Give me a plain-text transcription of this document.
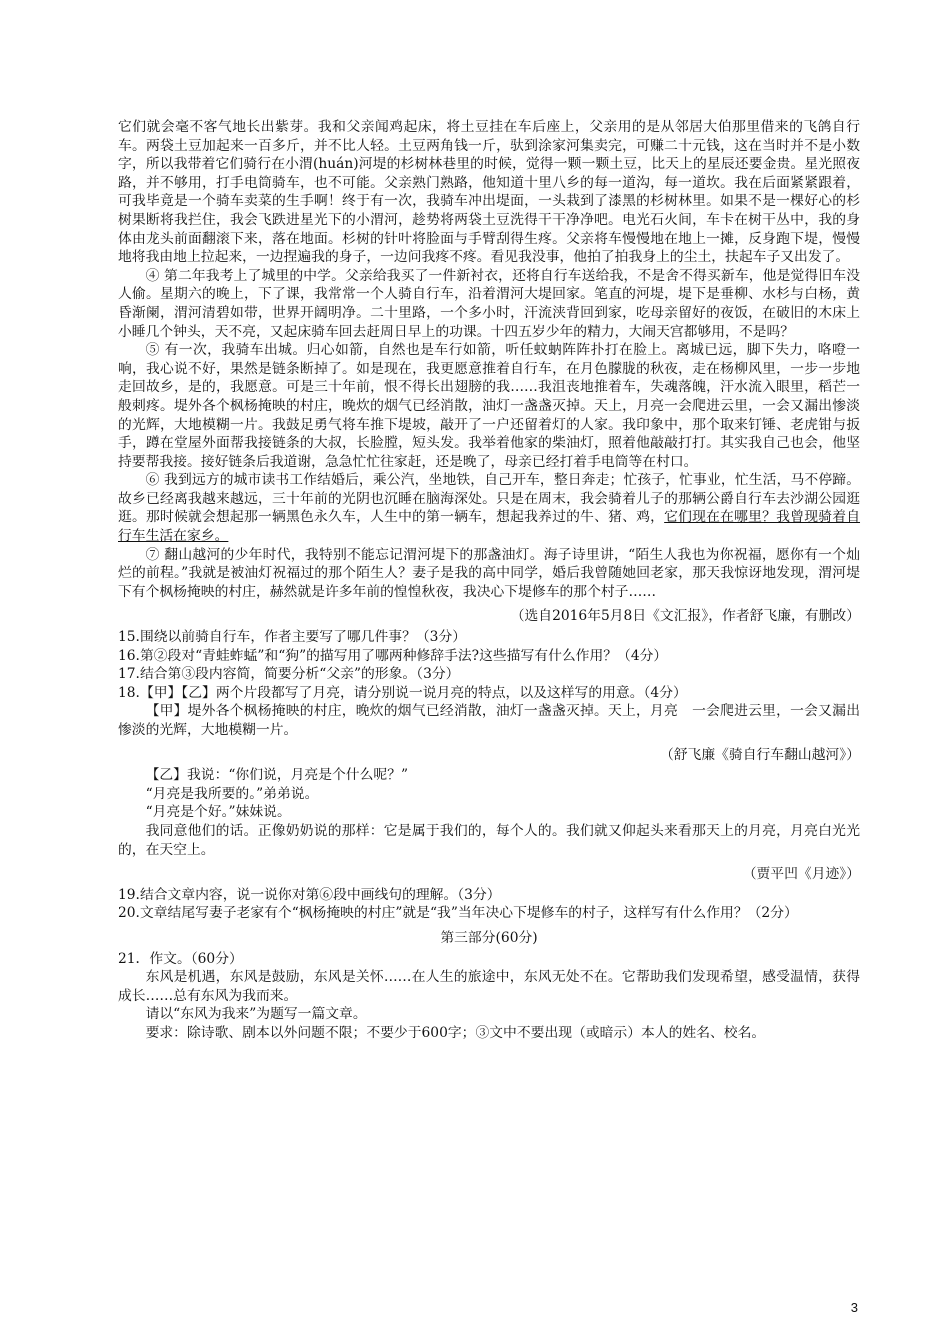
它们就会毫不客气地长出紫芽。我和父亲闻鸡起床，将土豆挂在车后座上，父亲用的是从邻居大伯那里借来的飞鸽自行车。两袋土豆加起来一百多斤，并不比人轻。土豆两角钱一斤，驮到涂家河集卖完，可赚二十元钱，这在当时并不是小数字，所以我带着它们骑行在小渭(huán)河堤的杉树林巷里的时候，觉得一颗一颗土豆，比天上的星辰还要金贵。星光照夜路，并不够用，打手电筒骑车，也不可能。父亲熟门熟路，他知道十里八乡的每一道沟，每一道坎。我在后面紧紧跟着，可我毕竟是一个骑车卖菜的生手啊！终于有一次，我骑车冲出堤面，一头栽到了漆黑的杉树林里。如果不是一棵好心的杉树果断将我拦住，我会飞跌进星光下的小渭河，趁势将两袋土豆洗得干干净净吧。电光石火间，车卡在树干丛中，我的身体由龙头前面翻滚下来，落在地面。杉树的针叶将脸面与手臂刮得生疼。父亲将车慢慢地在地上一摊，反身跑下堤，慢慢地将我由地上拉起来，一边捏遍我的身子，一边问我疼不疼。看见我没事，他拍了拍我身上的尘土，扶起车子又出发了。

④ 第二年我考上了城里的中学。父亲给我买了一件新衬衣，还将自行车送给我，不是舍不得买新车，他是觉得旧车没人偷。星期六的晚上，下了课，我常常一个人骑自行车，沿着渭河大堤回家。笔直的河堤，堤下是垂柳、水杉与白杨，黄昏渐阑，渭河清碧如带，世界开阔明净。二十里路，一个多小时，汗流浃背回到家，吃母亲留好的夜饭，在破旧的木床上小睡几个钟头，天不亮，又起床骑车回去赶周日早上的功课。十四五岁少年的精力，大闹天宫都够用，不是吗？

⑤ 有一次，我骑车出城。归心如箭，自然也是车行如箭，听任蚊蚋阵阵扑打在脸上。离城已远，脚下失力，咯噔一响，我心说不好，果然是链条断掉了。如是现在，我更愿意推着自行车，在月色朦胧的秋夜，走在杨柳风里，一步一步地走回故乡，是的，我愿意。可是三十年前，恨不得长出翅膀的我……我沮丧地推着车，失魂落魄，汗水流入眼里，稻芒一般刺疼。堤外各个枫杨掩映的村庄，晚炊的烟气已经消散，油灯一盏盏灭掉。天上，月亮一会爬进云里，一会又漏出惨淡的光辉，大地模糊一片。我鼓足勇气将车推下堤坡，敲开了一户还留着灯的人家。我印象中，那个取来钉锤、老虎钳与扳手，蹲在堂屋外面帮我接链条的大叔，长脸膛，短头发。我举着他家的柴油灯，照着他敲敲打打。其实我自己也会，他坚持要帮我接。接好链条后我道谢，急急忙忙往家赶，还是晚了，母亲已经打着手电筒等在村口。

⑥ 我到远方的城市读书工作结婚后，乘公汽，坐地铁，自己开车，整日奔走；忙孩子，忙事业，忙生活，马不停蹄。故乡已经离我越来越远，三十年前的光阴也沉睡在脑海深处。只是在周末，我会骑着儿子的那辆公爵自行车去沙湖公园逛逛。那时候就会想起那一辆黑色永久车，人生中的第一辆车，想起我养过的牛、猪、鸡，它们现在在哪里？我曾现骑着自行车生活在家乡。

⑦ 翻山越河的少年时代，我特别不能忘记渭河堤下的那盏油灯。海子诗里讲，“陌生人我也为你祝福，愿你有一个灿烂的前程。”我就是被油灯祝福过的那个陌生人？妻子是我的高中同学，婚后我曾随她回老家，那天我惊讶地发现，渭河堤下有个枫杨掩映的村庄，赫然就是许多年前的惶惶秋夜，我决心下堤修车的那个村子……

（选自2016年5月8日《文汇报》，作者舒飞廉，有删改）

15.围绕以前骑自行车，作者主要写了哪几件事？（3分）

16.第②段对“青蛙蚱蜢”和“狗”的描写用了哪两种修辞手法?这些描写有什么作用？（4分）

17.结合第③段内容简，简要分析“父亲”的形象。（3分）

18.【甲】【乙】两个片段都写了月亮，请分别说一说月亮的特点，以及这样写的用意。（4分）

【甲】堤外各个枫杨掩映的村庄，晚炊的烟气已经消散，油灯一盏盏灭掉。天上，月亮　一会爬进云里，一会又漏出惨淡的光辉，大地模糊一片。

（舒飞廉《骑自行车翻山越河》）

【乙】我说：“你们说，月亮是个什么呢？”

“月亮是我所要的。”弟弟说。

“月亮是个好。”妹妹说。

我同意他们的话。正像奶奶说的那样：它是属于我们的，每个人的。我们就又仰起头来看那天上的月亮，月亮白光光的，在天空上。

（贾平凹《月迹》）

19.结合文章内容，说一说你对第⑥段中画线句的理解。（3分）

20.文章结尾写妻子老家有个“枫杨掩映的村庄”就是“我”当年决心下堤修车的村子，这样写有什么作用？（2分）

第三部分(60分)

21．作文。（60分）

东风是机遇，东风是鼓励，东风是关怀……在人生的旅途中，东风无处不在。它帮助我们发现希望，感受温情，获得成长……总有东风为我而来。

请以“东风为我来”为题写一篇文章。

要求：除诗歌、剧本以外问题不限；不要少于600字；③文中不要出现（或暗示）本人的姓名、校名。

3
